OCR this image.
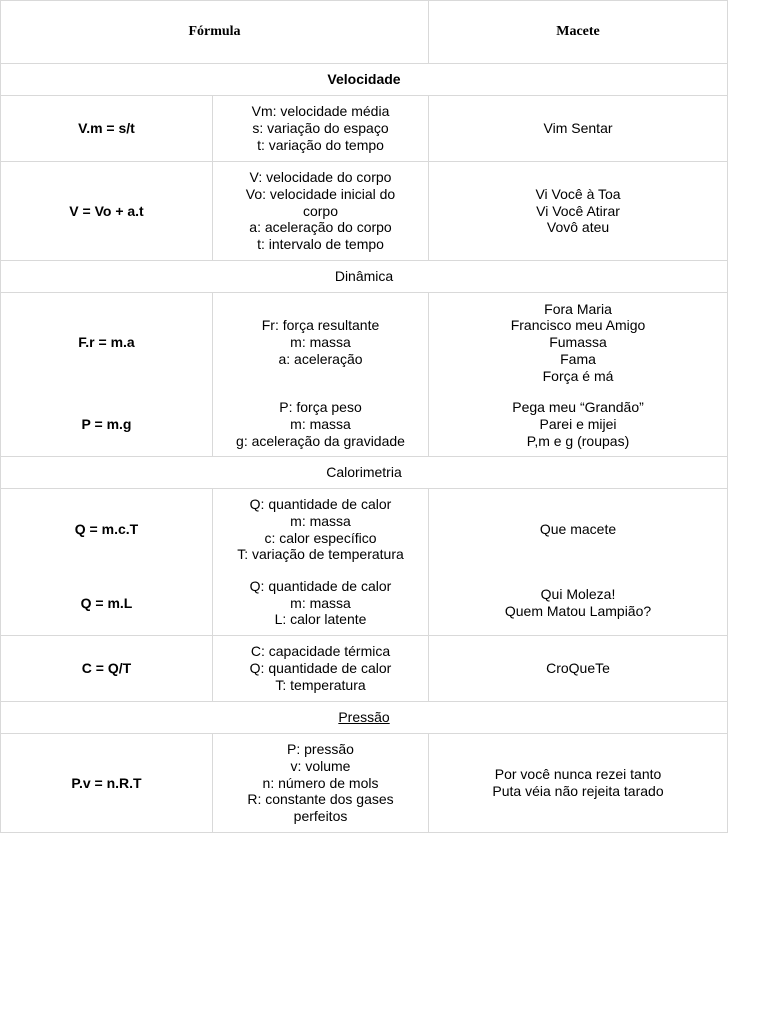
Fórmula		Macete
Velocidade		
V.m = s/t	Vm: velocidade média
s: variação do espaço
t: variação do tempo	Vim Sentar

V = Vo + a.t	V: velocidade do corpo
Vo: velocidade inicial do
corpo
a: aceleração do corpo
t: intervalo de tempo	Vi Você à Toa
Vi Você Atirar
Vovô ateu

Dinâmica		
F.r = m.a	Fr: força resultante
m: massa
a: aceleração	Fora Maria
Francisco meu Amigo
Fumassa
Fama
Força é má

P = m.g	P: força peso
m: massa
g: aceleração da gravidade	Pega meu “Grandão”
Parei e mijei
P,m e g (roupas)

Calorimetria		
Q = m.c.T	Q: quantidade de calor
m: massa
c: calor específico
T: variação de temperatura	Que macete

Q = m.L	Q: quantidade de calor
m: massa
L: calor latente	Qui Moleza!
Quem Matou Lampião?

C = Q/T	C: capacidade térmica
Q: quantidade de calor
T: temperatura	CroQueTe

Pressão		
P.v = n.R.T	P: pressão
v: volume
n: número de mols
R: constante dos gases
perfeitos	Por você nunca rezei tanto
Puta véia não rejeita tarado
